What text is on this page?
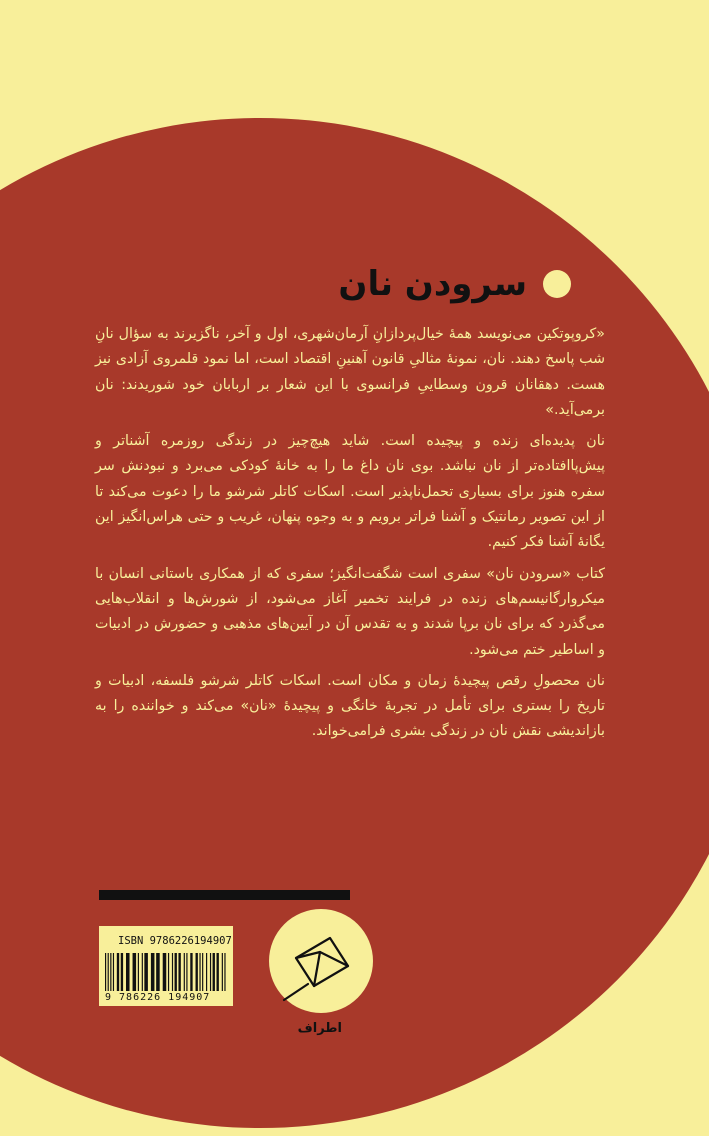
سرودن نان

«کروپوتکین می‌نویسد همهٔ خیال‌پردازانِ آرمان‌شهری، اول و آخر، ناگزیرند به سؤال نانِ شب پاسخ دهند. نان، نمونهٔ مثالیِ قانون آهنینِ اقتصاد است، اما نمود قلمروی آزادی نیز هست. دهقانان قرون وسطاییِ فرانسوی با این شعار بر اربابان خود شوریدند: نان برمی‌آید.»

نان پدیده‌ای زنده و پیچیده است. شاید هیچ‌چیز در زندگی روزمره آشناتر و پیش‌پاافتاده‌تر از نان نباشد. بوی نان داغ ما را به خانهٔ کودکی می‌برد و نبودنش سر سفره هنوز برای بسیاری تحمل‌ناپذیر است. اسکات کاتلر شرشو ما را دعوت می‌کند تا از این تصویر رمانتیک و آشنا فراتر برویم و به وجوه پنهان، غریب و حتی هراس‌انگیز این یگانهٔ آشنا فکر کنیم.

کتاب «سرودن نان» سفری است شگفت‌انگیز؛ سفری که از همکاری باستانی انسان با میکروارگانیسم‌های زنده در فرایند تخمیر آغاز می‌شود، از شورش‌ها و انقلاب‌هایی می‌گذرد که برای نان برپا شدند و به تقدس آن در آیین‌های مذهبی و حضورش در ادبیات و اساطیر ختم می‌شود.

نان محصولِ رقص پیچیدهٔ زمان و مکان است. اسکات کاتلر شرشو فلسفه، ادبیات و تاریخ را بستری برای تأمل در تجربهٔ خانگی و پیچیدهٔ «نان» می‌کند و خواننده را به بازاندیشی نقش نان در زندگی بشری فرامی‌خواند.

ISBN 9786226194907
9 786226 194907
اطراف
